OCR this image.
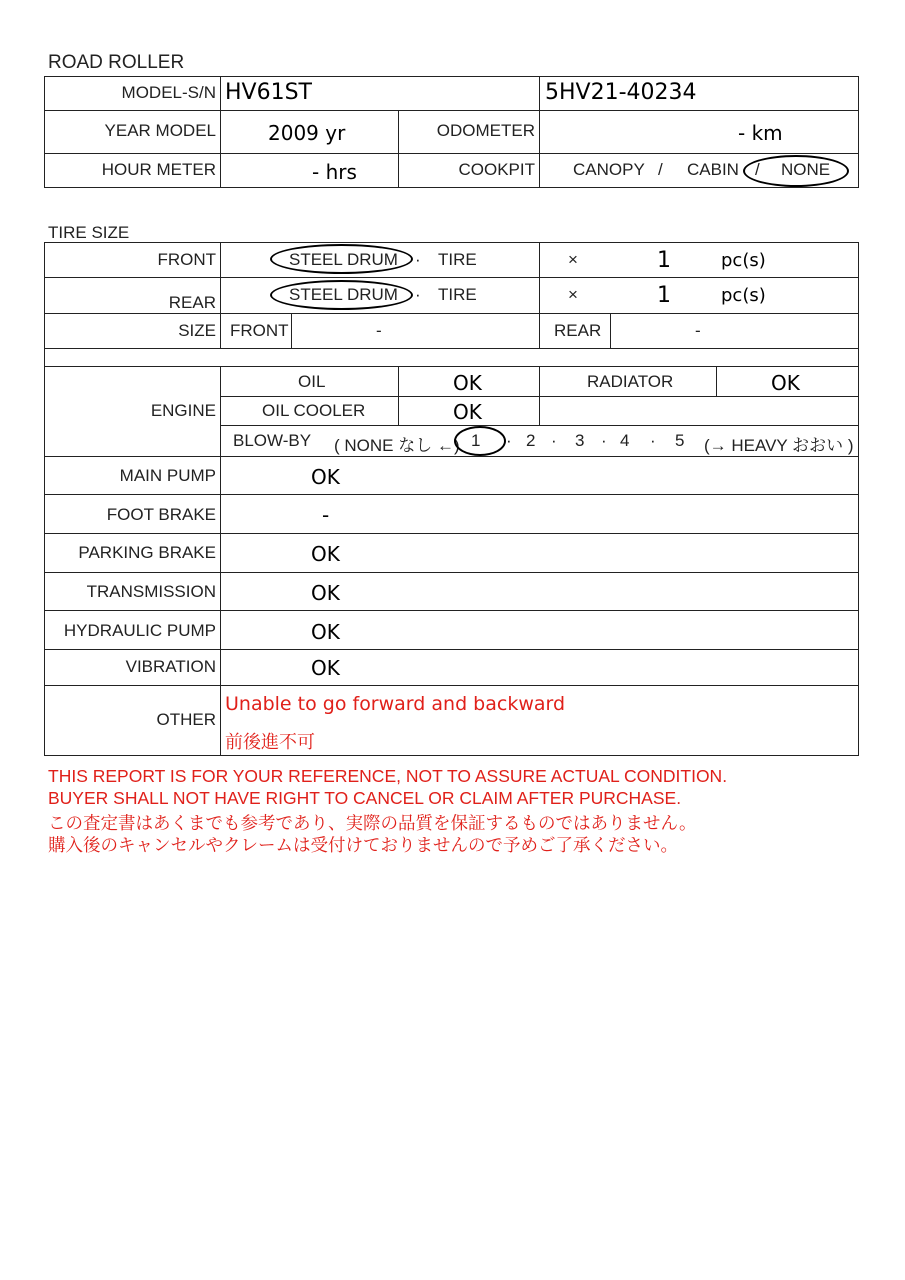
ROAD ROLLER
MODEL-S/N HV61ST	5HV21-40234
YEAR MODEL	2009 yr	ODOMETER	- km
HOUR METER	- hrs	COOKPIT CANOPY / CABIN / NONE
TIRE SIZE
FRONT	STEEL DRUM · TIRE	×	1	pc(s)
REAR	STEEL DRUM · TIRE	×	1	pc(s)
SIZE FRONT	-	REAR	-
ENGINE
OIL	OK	RADIATOR	OK
OIL COOLER	OK
BLOW-BY ( NONE なし ←) 1 · 2 · 3 · 4 · 5 (→ HEAVY おおい )
MAIN PUMP	OK
FOOT BRAKE	-
PARKING BRAKE	OK
TRANSMISSION	OK
HYDRAULIC PUMP	OK
VIBRATION	OK
OTHER
Unable to go forward and backward
前後進不可
THIS REPORT IS FOR YOUR REFERENCE, NOT TO ASSURE ACTUAL CONDITION.
BUYER SHALL NOT HAVE RIGHT TO CANCEL OR CLAIM AFTER PURCHASE.
この査定書はあくまでも参考であり、実際の品質を保証するものではありません。
購入後のキャンセルやクレームは受付けておりませんので予めご了承ください。
